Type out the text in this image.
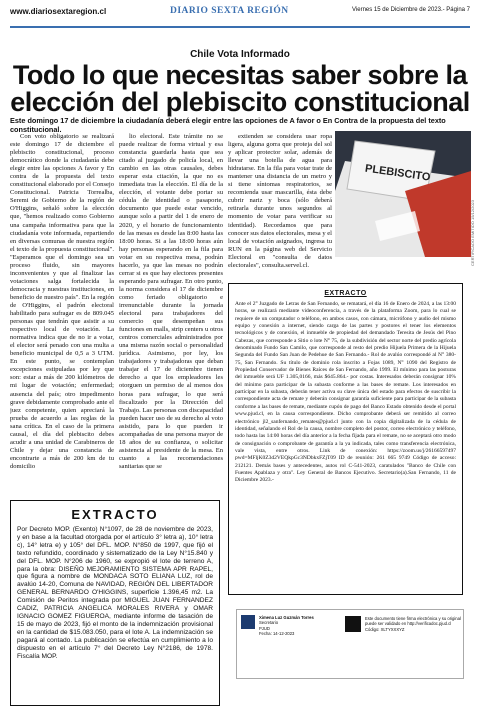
www.diariosextaregion.cl	DIARIO SEXTA REGIÓN	Viernes 15 de Diciembre de 2023.- Página 7
Chile Vota Informado
Todo lo que necesitas saber sobre la elección del plebiscito constitucional
Este domingo 17 de diciembre la ciudadanía deberá elegir entre las opciones de A favor o En Contra de la propuesta del texto constitucional.

Con voto obligatorio se realizará este domingo 17 de diciembre el plebiscito constitucional, proceso democrático donde la ciudadanía debe elegir entre las opciones A favor y En contra de la propuesta del texto constitucional elaborado por el Consejo Constitucional. Patricia Torrealba, Seremi de Gobierno de la región de O'Higgins, señaló sobre la elección que, "hemos realizado como Gobierno una campaña informativa para que la ciudadanía vote informada, repartiendo en diversas comunas de nuestra región el texto de la propuesta constitucional". "Esperamos que el domingo sea un proceso fluido, sin mayores inconvenientes y que al finalizar las votaciones salga fortalecida la democracia y nuestras instituciones, en beneficio de nuestro país". En la región de O'Higgins, el padrón electoral habilitado para sufragar es de 809.045 personas que tendrán que asistir a su respectivo local de votación. La normativa indica que de no ir a votar, el elector será penado con una multa a beneficio municipal de 0,5 a 3 UTM. En este punto, se contemplan excepciones estipuladas por ley que son: estar a más de 200 kilómetros de mi lugar de votación; enfermedad; ausencia del país; otro impedimento grave debidamente comprobado ante el juez competente, quien apreciará la prueba de acuerdo a las reglas de la sana crítica. En el caso de la primera causal, el día del plebiscito debes acudir a una unidad de Carabineros de Chile y dejar una constancia de encontrarte a más de 200 km de tu domicilio

lio electoral. Este trámite no se puede realizar de forma virtual y esa constancia guardarla hasta que sea citado al juzgado de policía local, en cambio en las otras causales, debes esperar esta citación, la que no es inmediata tras la elección. El día de la elección, el votante debe portar su cédula de identidad o pasaporte, documento que puede estar vencido, aunque solo a partir del 1 de enero de 2020, y el horario de funcionamiento de las mesas es desde las 8:00 hasta las 18:00 horas. Si a las 18:00 horas aún hay personas esperando en la fila para votar en su respectiva mesa, podrán hacerlo, ya que las mesas no podrán cerrar si es que hay electores presentes esperando para sufragar. En otro punto, la norma considera el 17 de diciembre como feriado obligatorio e irrenunciable durante la jornada electoral para trabajadores del comercio que desempeñan sus funciones en malls, strip centers u otros centros comerciales administrados por una misma razón social o personalidad jurídica. Asimismo, por ley, los trabajadores y trabajadoras que deban trabajar el 17 de diciembre tienen derecho a que los empleadores les otorguen un permiso de al menos dos horas para sufragar, lo que será fiscalizado por la Dirección del Trabajo. Las personas con discapacidad pueden hacer uso de su derecho al voto asistido, para lo que pueden ir acompañadas de una persona mayor de 18 años de su confianza, o solicitar asistencia al presidente de la mesa. En cuanto a las recomendaciones sanitarias que se

extienden se considera usar ropa ligera, alguna gorra que proteja del sol y aplicar protector solar, además de llevar una botella de agua para hidratarse. En la fila para votar trate de mantener una distancia de un metro y si tiene síntomas respiratorios, se recomienda usar mascarilla, ésta debe cubrir nariz y boca (sólo deberá retirarla durante unos segundos al momento de votar para verificar su identidad). Recordamos que para conocer sus datos electorales, mesa y el local de votación asignados, ingresa tu RUN en la página web del Servicio Electoral en "consulta de datos electorales", consulta.servel.cl.

PLEBISCITO
EXTRACTO
Por Decreto MOP. (Exento) N°1097, de 28 de noviembre de 2023, y en base a la facultad otorgada por el artículo 3° letra a), 10° letra c), 14° letra e) y 105° del DFL. MOP. N°850 de 1997, que fijó el texto refundido, coordinado y sistematizado de la Ley N°15.840 y del DFL. MOP. N°206 de 1960, se expropió el lote de terreno A, para la obra: DISEÑO MEJORAMIENTO SISTEMA APR RAPEL, que figura a nombre de MONDACA SOTO ELIANA LUZ, rol de avalúo 14-20, Comuna de NAVIDAD, REGIÓN DEL LIBERTADOR GENERAL BERNARDO O'HIGGINS, superficie 1.396,45 m2. La Comisión de Peritos integrada por MIGUEL JUAN FERNANDEZ CADIZ, PATRICIA ANGELICA MORALES RIVERA y OMAR IGNACIO GOMEZ FIGUEROA, mediante informe de tasación de 15 de mayo de 2023, fijó el monto de la indemnización provisional en la cantidad de $15.083.050, para el lote A. La indemnización se pagará al contado. La publicación se efectúa en cumplimiento a lo dispuesto en el artículo 7° del Decreto Ley N°2186, de 1978. Fiscalía MOP.
EXTRACTO
Ante el 2° Juzgado de Letras de San Fernando, se rematará, el día 16 de Enero de 2024, a las 13:00 horas, se realizará mediante videoconferencia, a través de la plataforma Zoom, para lo cual se requiere de un computador o teléfono, en ambos casos, con cámara, micrófono y audio del mismo equipo y conexión a internet, siendo carga de las partes y postores el tener los elementos tecnológicos y de conexión, el inmueble de propiedad del demandado Teresita de Jesús del Pino Cabezas, que corresponde a Sitio o lote N° 75, de la subdivisión del sector norte del predio agrícola denominado Fundo San Camilo, que corresponde al resto del predio Hijuela Primera de la Hijuela Segunda del Fundo San Juan de Pedehue de San Fernando.- Rol de avalúo correspondé al N° 380-75, San Fernando. Su título de dominio rola inscrito a Fojas 1089, N° 1090 del Registro de Propiedad Conservador de Bienes Raíces de San Fernando, año 1999. El mínimo para las posturas del inmueble será UF 1.305,0166, más $645.864.- por costas. Interesados deberán consignar 10% del mínimo para participar de la subasta conforme a las bases de remate. Los interesados en participar en la subasta, deberán tener activa su clave única del estado para efectos de suscribir la correspondiente acta de remate y deberán consignar garantía suficiente para participar de la subasta conforme a las bases de remate, mediante cupón de pago del Banco Estado obtenido desde el portal www.pjud.cl, en la causa correspondiente. Dicho comprobante deberá ser remitido al correo electrónico jl2_sanfernando_remates@pjud.cl junto con la copia digitalizada de la cédula de identidad, señalando el Rol de la causa, nombre completo del postor, correo electrónico y teléfono, todo hasta las 14:00 horas del día anterior a la fecha fijada para el remate, no se aceptará otro modo de consignación o comprobante de garantía a la ya indicada, tales como transferencia electrónica, vale vista, entre otros. Link de conexión: https://zoom.us/j/26166597497 pwd=MFljK0Z3d2VEQkpGc3NDbkxFZjT09 ID de reunión: 261 665 9749 Código de acceso: 212121. Demás bases y antecedentes, autos rol C-541-2023, caratulados "Banco de Chile con Fuentes Apablaza y otra". Ley General de Bancos Ejecutivo. Secretario(a).San Fernando, 11 de Diciembre 2023.-
Ximena Luz Guzmán Torres
Secretario
PJUD
Fecha: 14-12-2023
Este documento tiene firma electrónica y su original puede ser validado en http://verificadoc.pjud.cl
Código: XLTYXXXYZ
CERTIFICADO EMITIDO 15/12/2023
